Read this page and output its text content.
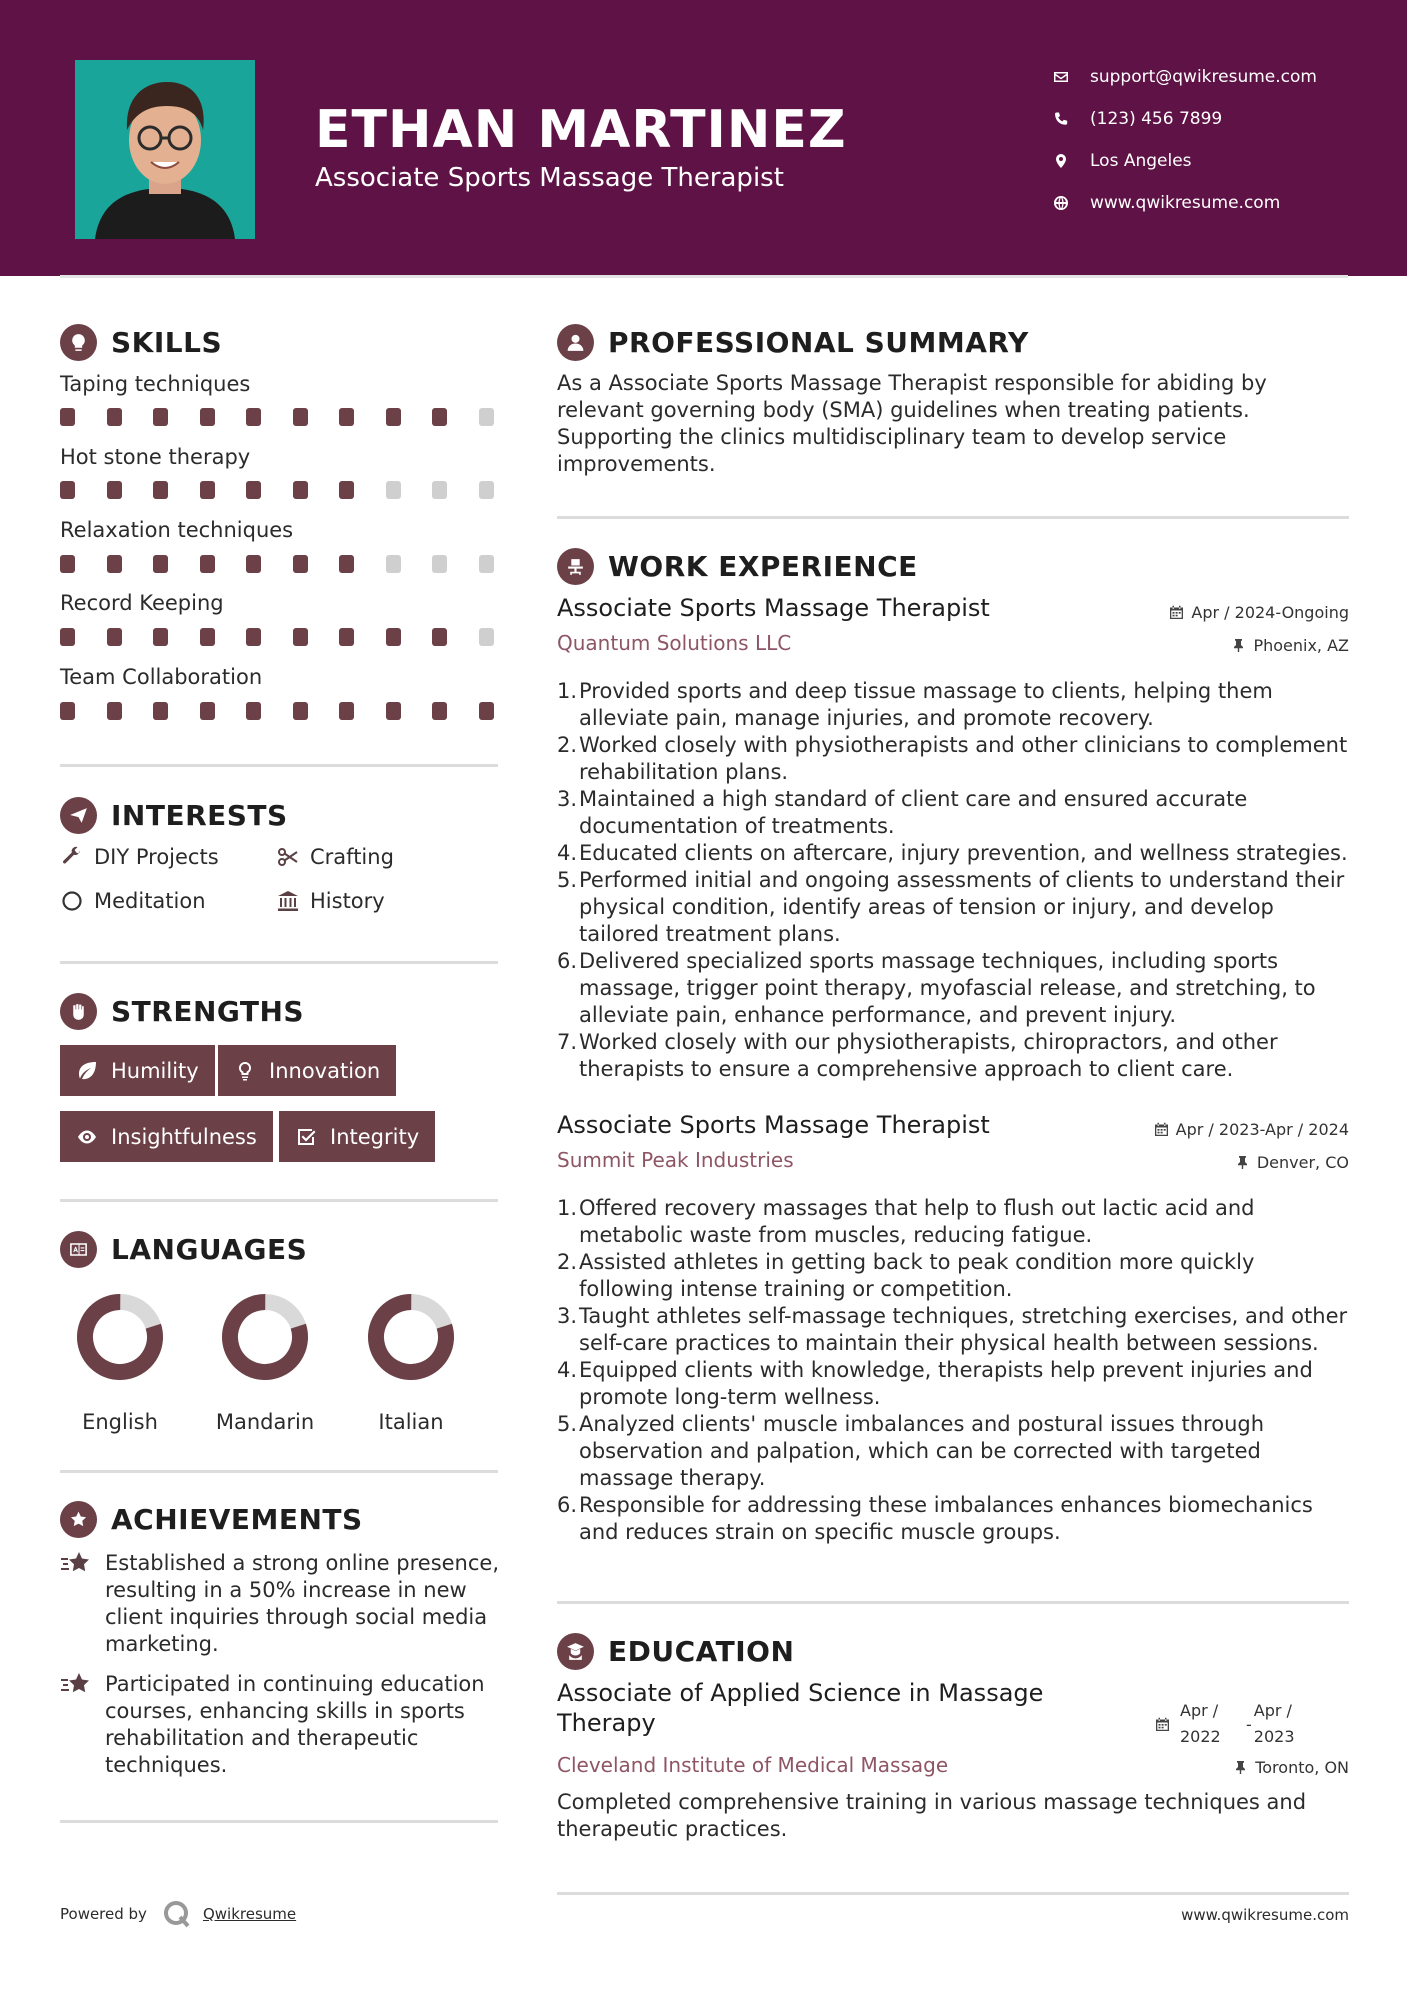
ETHAN MARTINEZ
Associate Sports Massage Therapist
support@qwikresume.com
(123) 456 7899
Los Angeles
www.qwikresume.com
SKILLS
Taping techniques
Hot stone therapy
Relaxation techniques
Record Keeping
Team Collaboration
INTERESTS
DIY Projects	Crafting
Meditation	History
STRENGTHS
Humility	Innovation
Insightfulness	Integrity
LANGUAGES
English	Mandarin	Italian
ACHIEVEMENTS
Established a strong online presence, resulting in a 50% increase in new client inquiries through social media marketing.
Participated in continuing education courses, enhancing skills in sports rehabilitation and therapeutic techniques.
PROFESSIONAL SUMMARY
As a Associate Sports Massage Therapist responsible for abiding by relevant governing body (SMA) guidelines when treating patients. Supporting the clinics multidisciplinary team to develop service improvements.
WORK EXPERIENCE
Associate Sports Massage Therapist
Quantum Solutions LLC
Apr / 2024-Ongoing
Phoenix, AZ
1. Provided sports and deep tissue massage to clients, helping them alleviate pain, manage injuries, and promote recovery.
2. Worked closely with physiotherapists and other clinicians to complement rehabilitation plans.
3. Maintained a high standard of client care and ensured accurate documentation of treatments.
4. Educated clients on aftercare, injury prevention, and wellness strategies.
5. Performed initial and ongoing assessments of clients to understand their physical condition, identify areas of tension or injury, and develop tailored treatment plans.
6. Delivered specialized sports massage techniques, including sports massage, trigger point therapy, myofascial release, and stretching, to alleviate pain, enhance performance, and prevent injury.
7. Worked closely with our physiotherapists, chiropractors, and other therapists to ensure a comprehensive approach to client care.
Associate Sports Massage Therapist
Summit Peak Industries
Apr / 2023-Apr / 2024
Denver, CO
1. Offered recovery massages that help to flush out lactic acid and metabolic waste from muscles, reducing fatigue.
2. Assisted athletes in getting back to peak condition more quickly following intense training or competition.
3. Taught athletes self-massage techniques, stretching exercises, and other self-care practices to maintain their physical health between sessions.
4. Equipped clients with knowledge, therapists help prevent injuries and promote long-term wellness.
5. Analyzed clients' muscle imbalances and postural issues through observation and palpation, which can be corrected with targeted massage therapy.
6. Responsible for addressing these imbalances enhances biomechanics and reduces strain on specific muscle groups.
EDUCATION
Associate of Applied Science in Massage Therapy
Cleveland Institute of Medical Massage
Completed comprehensive training in various massage techniques and therapeutic practices.
Apr /
2022
-
Apr /
2023
Toronto, ON
Powered by	Qwikresume	www.qwikresume.com
